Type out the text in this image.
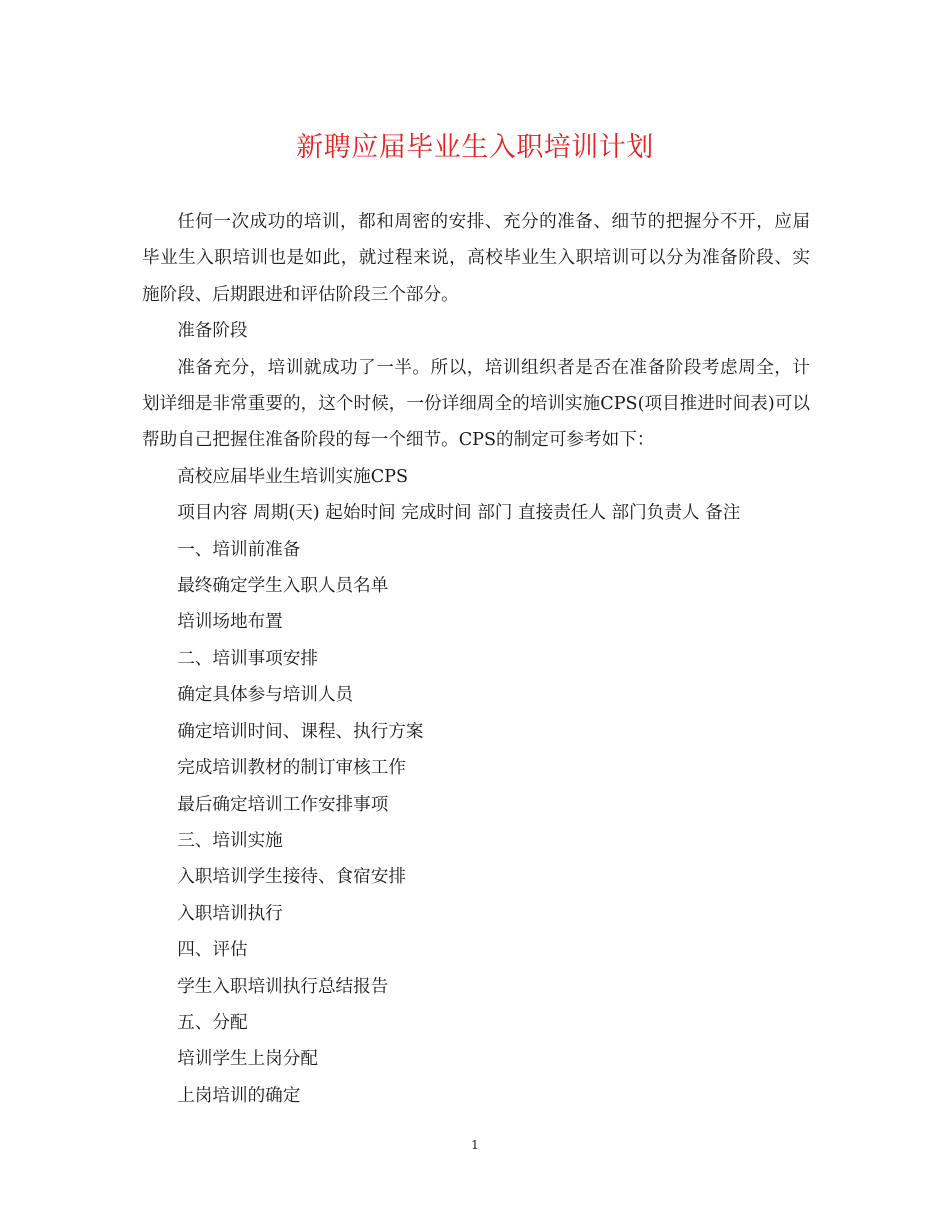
新聘应届毕业生入职培训计划

任何一次成功的培训，都和周密的安排、充分的准备、细节的把握分不开，应届毕业生入职培训也是如此，就过程来说，高校毕业生入职培训可以分为准备阶段、实施阶段、后期跟进和评估阶段三个部分。

准备阶段

准备充分，培训就成功了一半。所以，培训组织者是否在准备阶段考虑周全，计划详细是非常重要的，这个时候，一份详细周全的培训实施CPS(项目推进时间表)可以帮助自己把握住准备阶段的每一个细节。CPS的制定可参考如下：

高校应届毕业生培训实施CPS

项目内容 周期(天) 起始时间 完成时间 部门 直接责任人 部门负责人 备注

一、培训前准备

最终确定学生入职人员名单

培训场地布置

二、培训事项安排

确定具体参与培训人员

确定培训时间、课程、执行方案

完成培训教材的制订审核工作

最后确定培训工作安排事项

三、培训实施

入职培训学生接待、食宿安排

入职培训执行

四、评估

学生入职培训执行总结报告

五、分配

培训学生上岗分配

上岗培训的确定

1
